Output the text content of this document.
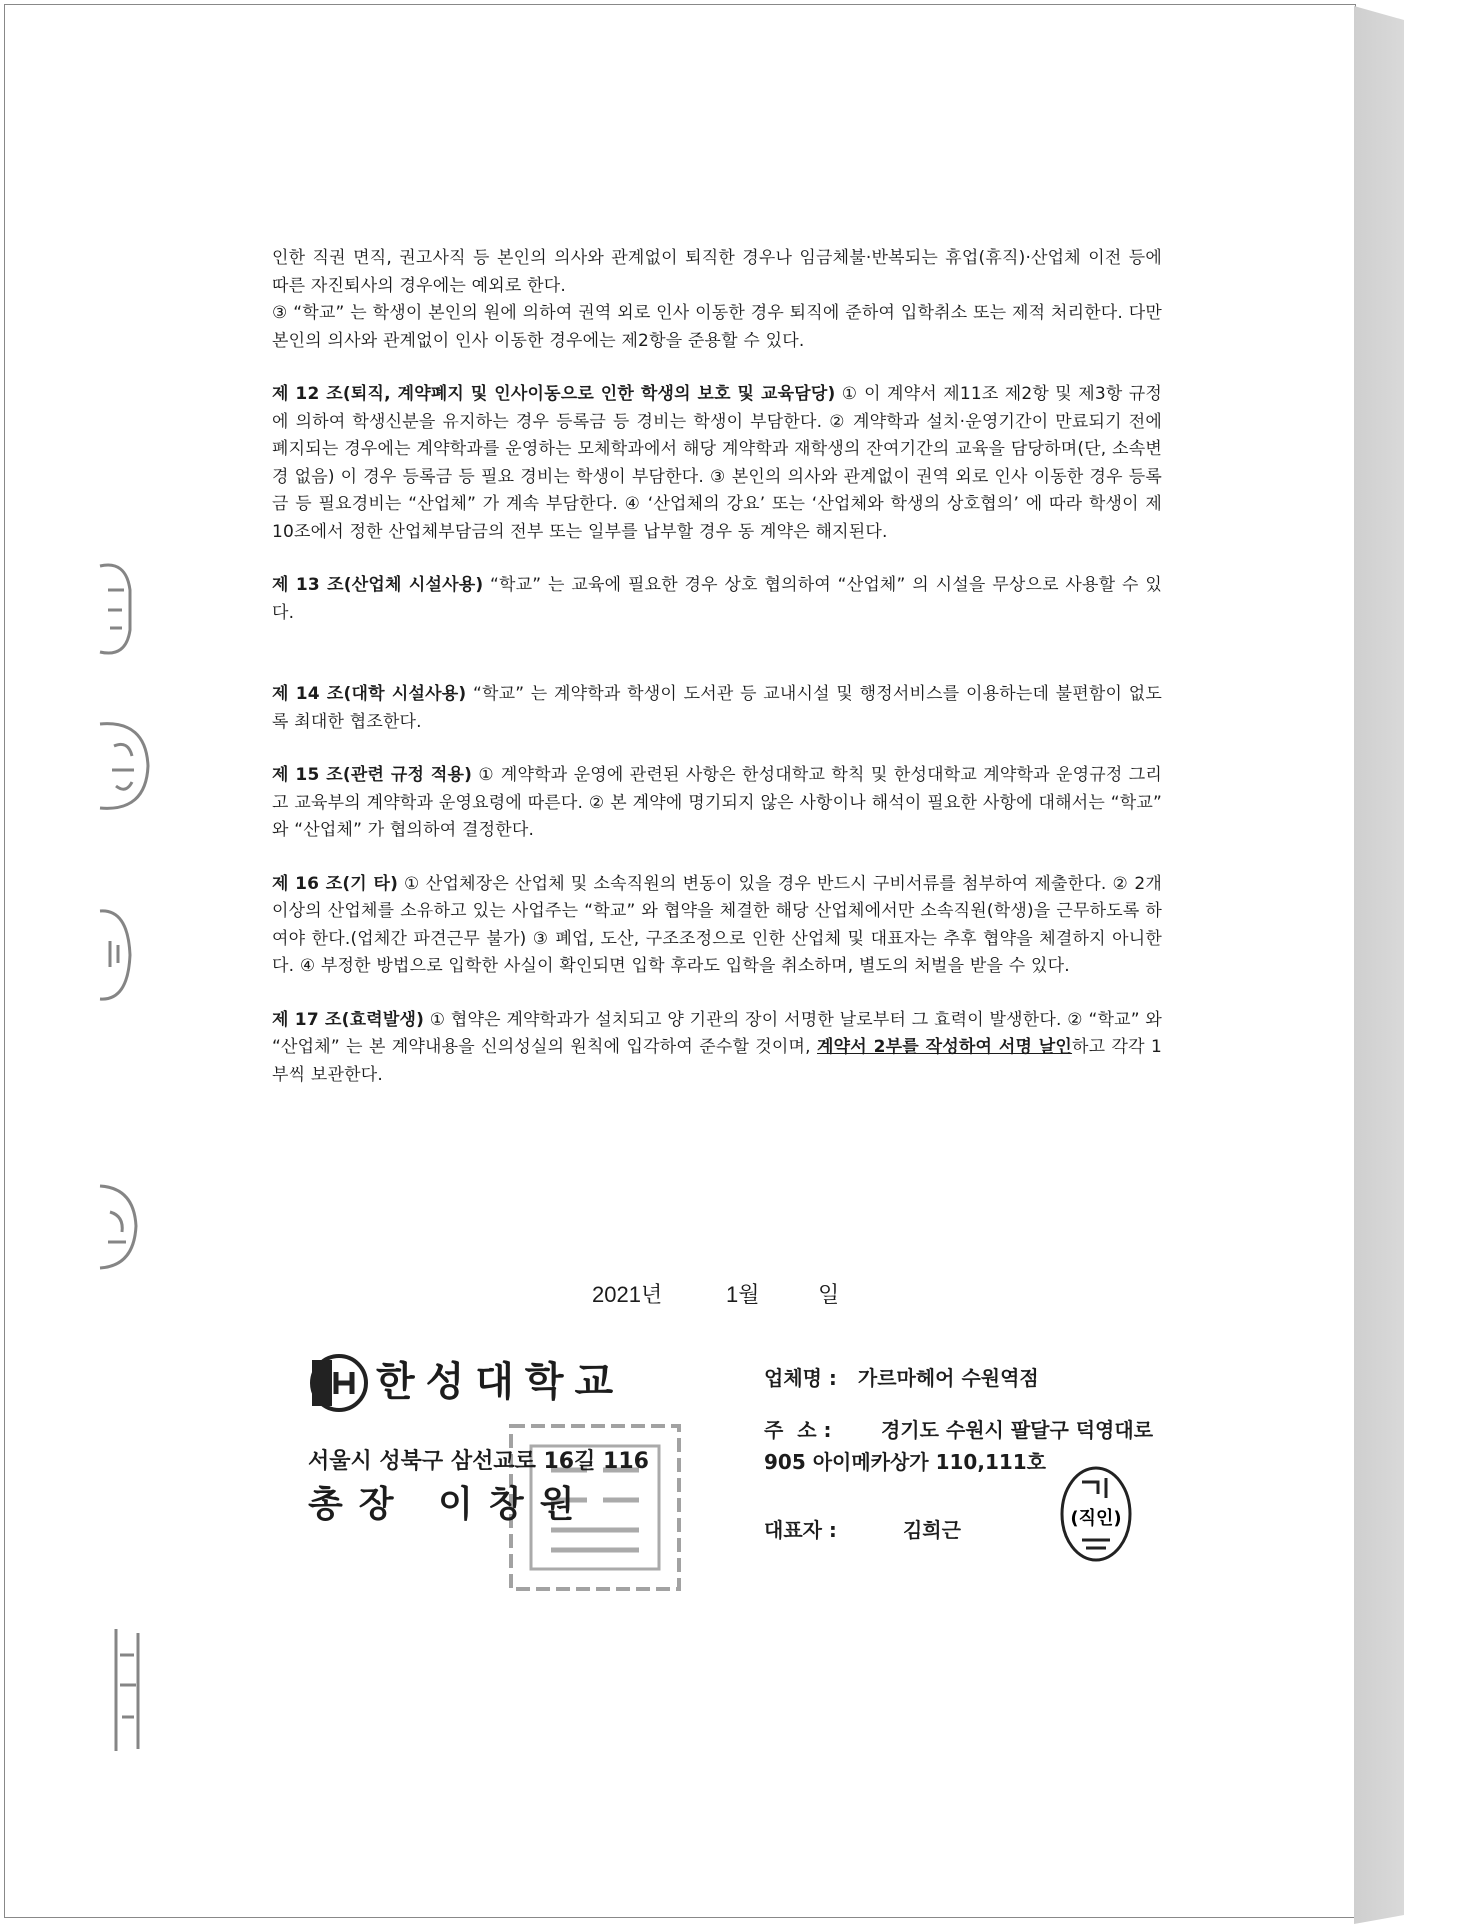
인한 직권 면직, 권고사직 등 본인의 의사와 관계없이 퇴직한 경우나 임금체불·반복되는 휴업(휴직)·산업체 이전 등에 따른 자진퇴사의 경우에는 예외로 한다.

③ “학교” 는 학생이 본인의 원에 의하여 권역 외로 인사 이동한 경우 퇴직에 준하여 입학취소 또는 제적 처리한다. 다만 본인의 의사와 관계없이 인사 이동한 경우에는 제2항을 준용할 수 있다.

제 12 조(퇴직, 계약폐지 및 인사이동으로 인한 학생의 보호 및 교육담당) ① 이 계약서 제11조 제2항 및 제3항 규정에 의하여 학생신분을 유지하는 경우 등록금 등 경비는 학생이 부담한다. ② 계약학과 설치·운영기간이 만료되기 전에 폐지되는 경우에는 계약학과를 운영하는 모체학과에서 해당 계약학과 재학생의 잔여기간의 교육을 담당하며(단, 소속변경 없음) 이 경우 등록금 등 필요 경비는 학생이 부담한다. ③ 본인의 의사와 관계없이 권역 외로 인사 이동한 경우 등록금 등 필요경비는 “산업체” 가 계속 부담한다. ④ ‘산업체의 강요’ 또는 ‘산업체와 학생의 상호협의’ 에 따라 학생이 제10조에서 정한 산업체부담금의 전부 또는 일부를 납부할 경우 동 계약은 해지된다.

제 13 조(산업체 시설사용) “학교” 는 교육에 필요한 경우 상호 협의하여 “산업체” 의 시설을 무상으로 사용할 수 있다.

제 14 조(대학 시설사용) “학교” 는 계약학과 학생이 도서관 등 교내시설 및 행정서비스를 이용하는데 불편함이 없도록 최대한 협조한다.

제 15 조(관련 규정 적용) ① 계약학과 운영에 관련된 사항은 한성대학교 학칙 및 한성대학교 계약학과 운영규정 그리고 교육부의 계약학과 운영요령에 따른다. ② 본 계약에 명기되지 않은 사항이나 해석이 필요한 사항에 대해서는 “학교” 와 “산업체” 가 협의하여 결정한다.

제 16 조(기 타) ① 산업체장은 산업체 및 소속직원의 변동이 있을 경우 반드시 구비서류를 첨부하여 제출한다. ② 2개 이상의 산업체를 소유하고 있는 사업주는 “학교” 와 협약을 체결한 해당 산업체에서만 소속직원(학생)을 근무하도록 하여야 한다.(업체간 파견근무 불가) ③ 폐업, 도산, 구조조정으로 인한 산업체 및 대표자는 추후 협약을 체결하지 아니한다. ④ 부정한 방법으로 입학한 사실이 확인되면 입학 후라도 입학을 취소하며, 별도의 처벌을 받을 수 있다.

제 17 조(효력발생) ① 협약은 계약학과가 설치되고 양 기관의 장이 서명한 날로부터 그 효력이 발생한다. ② “학교” 와 “산업체” 는 본 계약내용을 신의성실의 원칙에 입각하여 준수할 것이며, 계약서 2부를 작성하여 서명 날인하고 각각 1부씩 보관한다.

2021년	1월	일
한성대학교
서울시 성북구 삼선교로 16길 116
총장 이창원
업체명 : 가르마헤어 수원역점
주  소 : 경기도 수원시 팔달구 덕영대로
905 아이메카상가 110,111호
대표자 :	김희근	(직인)
